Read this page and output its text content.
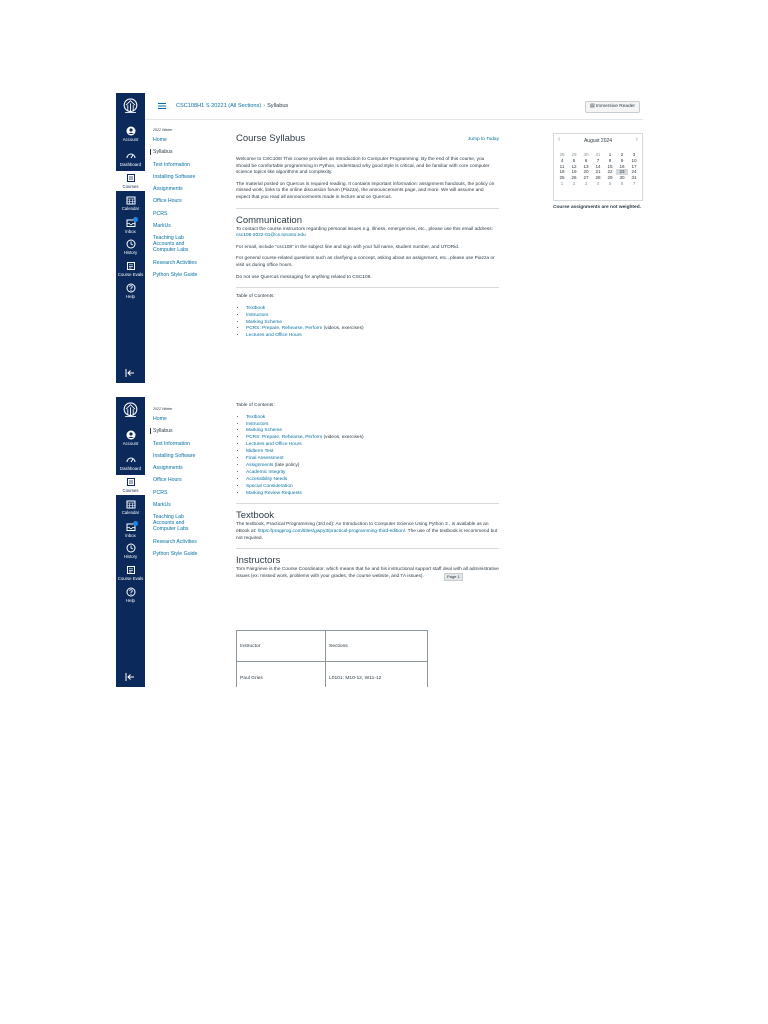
Account
Dashboard
Courses
Calendar
Inbox
History
Course Evals
Help
CSC108H1 S 20221 (All Sections) › Syllabus	▤ Immersive Reader
2022 Winter
Home
Syllabus
Test Information
Installing Software
Assignments
Office Hours
PCRS
MarkUs
Teaching Lab Accounts and Computer Labs
Research Activities
Python Style Guide
Course Syllabus	Jump to Today

Welcome to CSC108! This course provides an Introduction to Computer Programming. By the end of this course, you should be comfortable programming in Python, understand why good style is critical, and be familiar with core computer science topics like algorithms and complexity.

The material posted on Quercus is required reading. It contains important information: assignment handouts, the policy on missed work, links to the online discussion forum (Piazza), the announcements page, and more. We will assume and expect that you read all announcements made in lecture and on Quercus.

Communication

To contact the course instructors regarding personal issues e.g. illness, emergencies, etc., please use this email address: csc108-2022-01@cs.toronto.edu

For email, include "csc108" in the subject line and sign with your full name, student number, and UTORid.

For general course-related questions such as clarifying a concept, asking about an assignment, etc., please use Piazza or visit us during office hours.

Do not use Quercus messaging for anything related to CSC108.

Table of Contents:

• Textbook
• Instructors
• Marking Scheme
• PCRS: Prepare, Rehearse, Perform (videos, exercises)
• Lectures and Office Hours
‹	August 2024	›
28	29	30	31	1	2	3
4	5	6	7	8	9	10
11	12	13	14	15	16	17
18	19	20	21	22	23	24
25	26	27	28	29	30	31
1	2	3	4	5	6	7
Course assignments are not weighted.
Account
Dashboard
Courses
Calendar
Inbox
History
Course Evals
Help
2022 Winter
Home
Syllabus
Test Information
Installing Software
Assignments
Office Hours
PCRS
MarkUs
Teaching Lab Accounts and Computer Labs
Research Activities
Python Style Guide

Table of Contents:

• Textbook
• Instructors
• Marking Scheme
• PCRS: Prepare, Rehearse, Perform (videos, exercises)
• Lectures and Office Hours
• Midterm Test
• Final Assessment
• Assignments (late policy)
• Academic Integrity
• Accessibility Needs
• Special Consideration
• Marking Review Requests
Textbook

The textbook, Practical Programming (3rd ed): An Introduction to Computer Science Using Python 3 , is available as an eBook at: https://pragprog.com/titles/gwpy3/practical-programming-third-edition/. The use of the textbook is recommend but not required.

Instructors

Tom Fairgrieve is the Course Coordinator, which means that he and his instructional support staff deal with all administrative issues (ex: missed work, problems with your grades, the course website, and TA issues).	Page 1
Instructor	Sections
Paul Gries	L0101: M10-12, W11-12
